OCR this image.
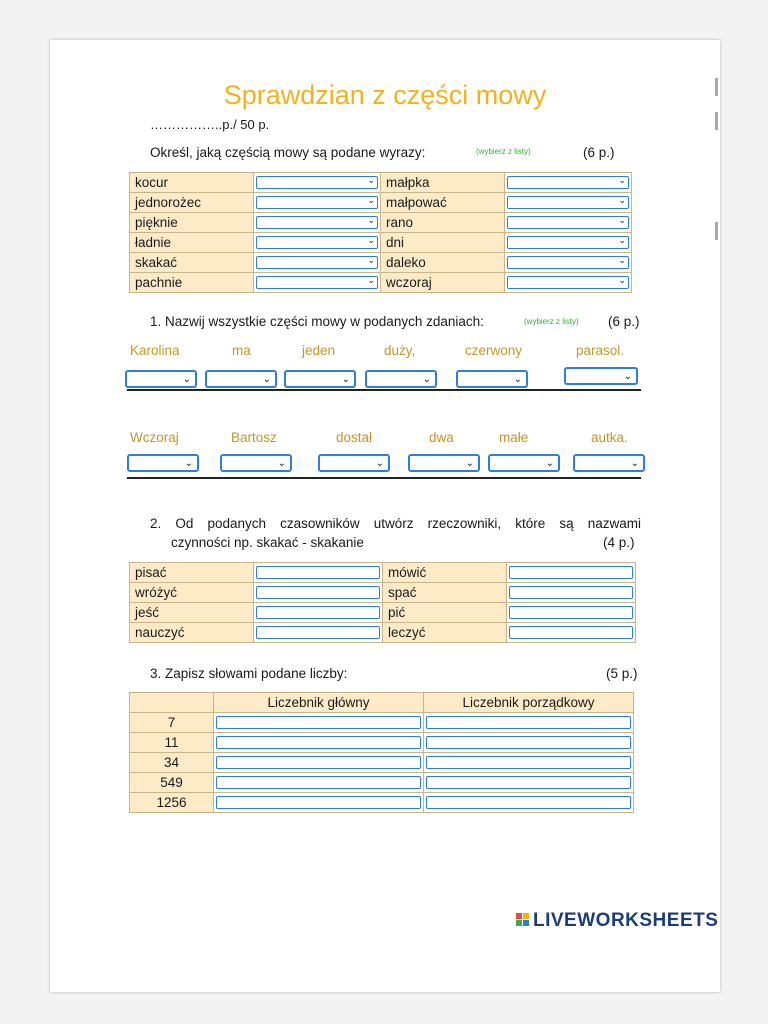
Sprawdzian z części mowy
……………..p./ 50 p.
Określ, jaką częścią mowy są podane wyrazy:	(wybierz z listy)	(6 p.)
kocur	⌄	małpka	⌄

jednorożec	⌄	małpować	⌄

pięknie	⌄	rano	⌄

ładnie	⌄	dni	⌄

skakać	⌄	daleko	⌄

pachnie	⌄	wczoraj	⌄
1. Nazwij wszystkie części mowy w podanych zdaniach:	(wybierz z listy) (6 p.)
Karolina	ma	jeden	duży,	czerwony	parasol.
⌄	⌄	⌄	⌄	⌄	⌄
Wczoraj	Bartosz	dostał	dwa	małe	autka.
⌄	⌄	⌄	⌄	⌄	⌄
2. Od podanych czasowników utwórz rzeczowniki, które są nazwami
czynności np. skakać - skakanie	(4 p.)
pisać		mówić	

wróżyć		spać	

jeść		pić	

nauczyć		leczyć	
3. Zapisz słowami podane liczby:	(5 p.)
	Liczebnik główny	Liczebnik porządkowy
7	

11	

34	

549	

1256	

LIVEWORKSHEETS
